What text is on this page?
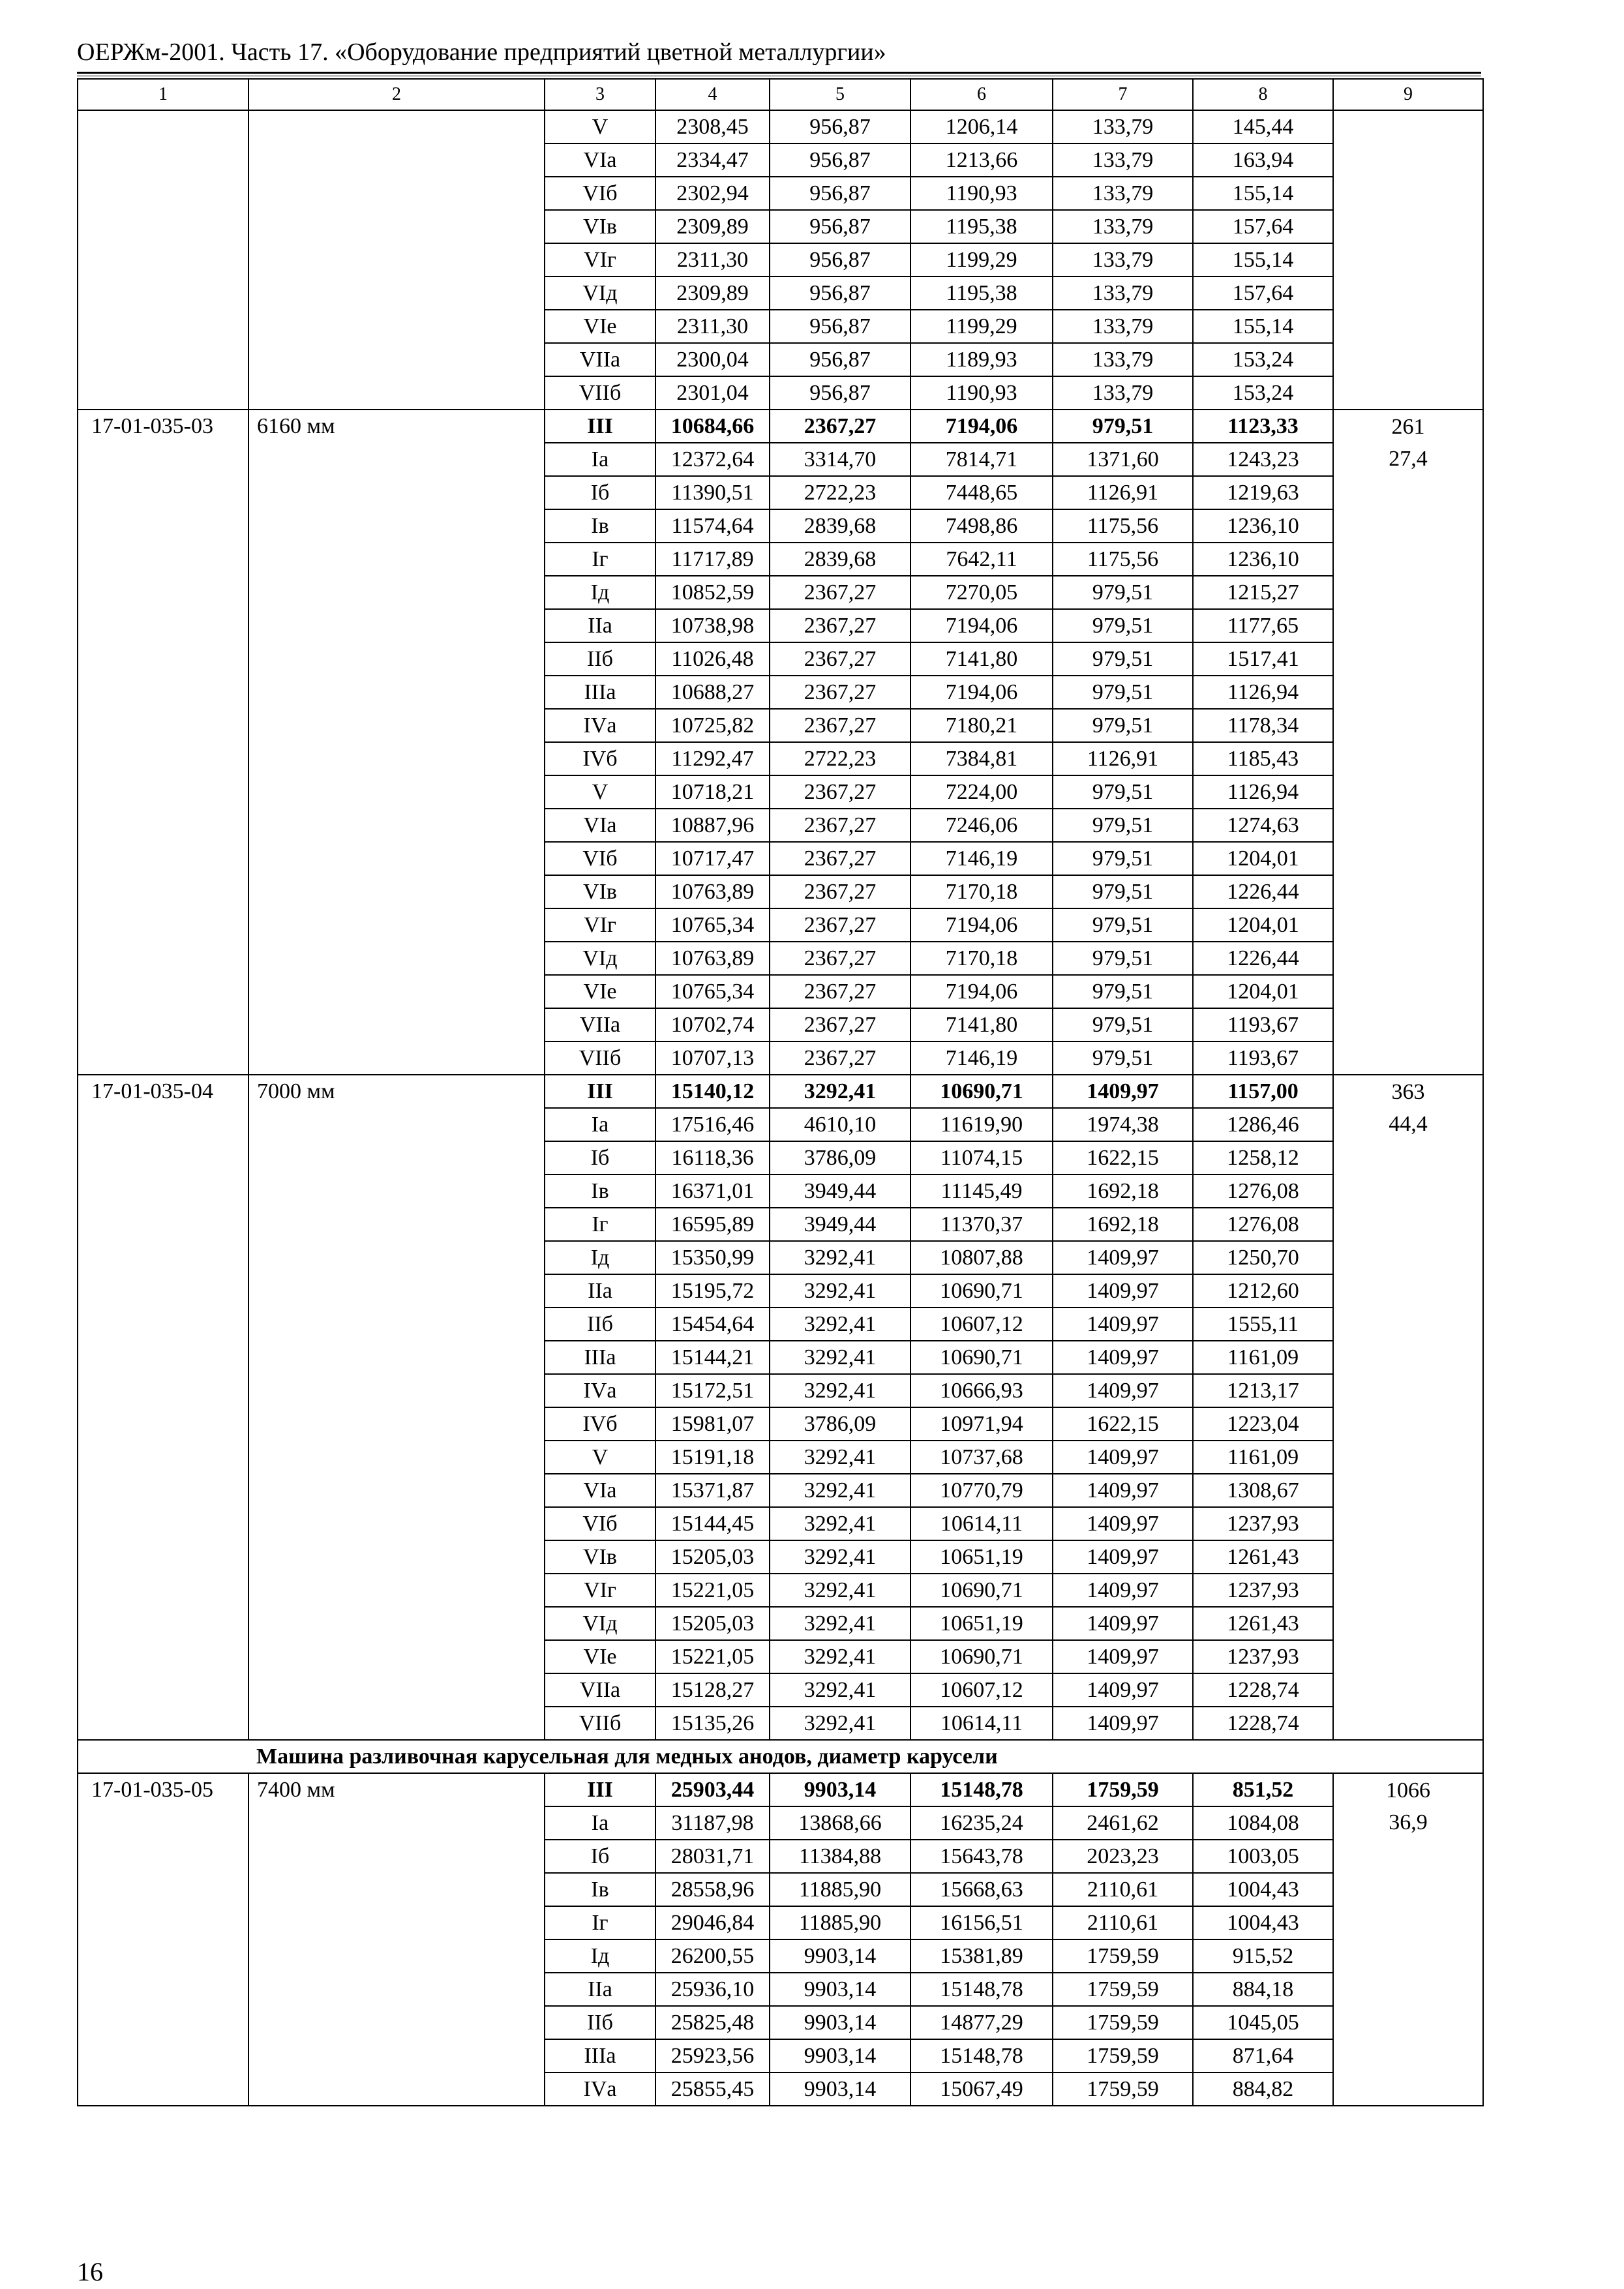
ОЕРЖм-2001. Часть 17. «Оборудование предприятий цветной металлургии»
1	2	3	4	5	6	7	8	9
		V	2308,45	956,87	1206,14	133,79	145,44	
		VIа	2334,47	956,87	1213,66	133,79	163,94	
		VIб	2302,94	956,87	1190,93	133,79	155,14	
		VIв	2309,89	956,87	1195,38	133,79	157,64	
		VIг	2311,30	956,87	1199,29	133,79	155,14	
		VIд	2309,89	956,87	1195,38	133,79	157,64	
		VIе	2311,30	956,87	1199,29	133,79	155,14	
		VIIа	2300,04	956,87	1189,93	133,79	153,24	
		VIIб	2301,04	956,87	1190,93	133,79	153,24	
17-01-035-03	6160 мм	III	10684,66	2367,27	7194,06	979,51	1123,33	261
		Iа	12372,64	3314,70	7814,71	1371,60	1243,23	27,4
		Iб	11390,51	2722,23	7448,65	1126,91	1219,63	
		Iв	11574,64	2839,68	7498,86	1175,56	1236,10	
		Iг	11717,89	2839,68	7642,11	1175,56	1236,10	
		Iд	10852,59	2367,27	7270,05	979,51	1215,27	
		IIа	10738,98	2367,27	7194,06	979,51	1177,65	
		IIб	11026,48	2367,27	7141,80	979,51	1517,41	
		IIIа	10688,27	2367,27	7194,06	979,51	1126,94	
		IVа	10725,82	2367,27	7180,21	979,51	1178,34	
		IVб	11292,47	2722,23	7384,81	1126,91	1185,43	
		V	10718,21	2367,27	7224,00	979,51	1126,94	
		VIа	10887,96	2367,27	7246,06	979,51	1274,63	
		VIб	10717,47	2367,27	7146,19	979,51	1204,01	
		VIв	10763,89	2367,27	7170,18	979,51	1226,44	
		VIг	10765,34	2367,27	7194,06	979,51	1204,01	
		VIд	10763,89	2367,27	7170,18	979,51	1226,44	
		VIе	10765,34	2367,27	7194,06	979,51	1204,01	
		VIIа	10702,74	2367,27	7141,80	979,51	1193,67	
		VIIб	10707,13	2367,27	7146,19	979,51	1193,67	
17-01-035-04	7000 мм	III	15140,12	3292,41	10690,71	1409,97	1157,00	363
		Iа	17516,46	4610,10	11619,90	1974,38	1286,46	44,4
		Iб	16118,36	3786,09	11074,15	1622,15	1258,12	
		Iв	16371,01	3949,44	11145,49	1692,18	1276,08	
		Iг	16595,89	3949,44	11370,37	1692,18	1276,08	
		Iд	15350,99	3292,41	10807,88	1409,97	1250,70	
		IIа	15195,72	3292,41	10690,71	1409,97	1212,60	
		IIб	15454,64	3292,41	10607,12	1409,97	1555,11	
		IIIа	15144,21	3292,41	10690,71	1409,97	1161,09	
		IVа	15172,51	3292,41	10666,93	1409,97	1213,17	
		IVб	15981,07	3786,09	10971,94	1622,15	1223,04	
		V	15191,18	3292,41	10737,68	1409,97	1161,09	
		VIа	15371,87	3292,41	10770,79	1409,97	1308,67	
		VIб	15144,45	3292,41	10614,11	1409,97	1237,93	
		VIв	15205,03	3292,41	10651,19	1409,97	1261,43	
		VIг	15221,05	3292,41	10690,71	1409,97	1237,93	
		VIд	15205,03	3292,41	10651,19	1409,97	1261,43	
		VIе	15221,05	3292,41	10690,71	1409,97	1237,93	
		VIIа	15128,27	3292,41	10607,12	1409,97	1228,74	
		VIIб	15135,26	3292,41	10614,11	1409,97	1228,74	
	Машина разливочная карусельная для медных анодов, диаметр карусели							
17-01-035-05	7400 мм	III	25903,44	9903,14	15148,78	1759,59	851,52	1066
		Iа	31187,98	13868,66	16235,24	2461,62	1084,08	36,9
		Iб	28031,71	11384,88	15643,78	2023,23	1003,05	
		Iв	28558,96	11885,90	15668,63	2110,61	1004,43	
		Iг	29046,84	11885,90	16156,51	2110,61	1004,43	
		Iд	26200,55	9903,14	15381,89	1759,59	915,52	
		IIа	25936,10	9903,14	15148,78	1759,59	884,18	
		IIб	25825,48	9903,14	14877,29	1759,59	1045,05	
		IIIа	25923,56	9903,14	15148,78	1759,59	871,64	
		IVа	25855,45	9903,14	15067,49	1759,59	884,82	
16
